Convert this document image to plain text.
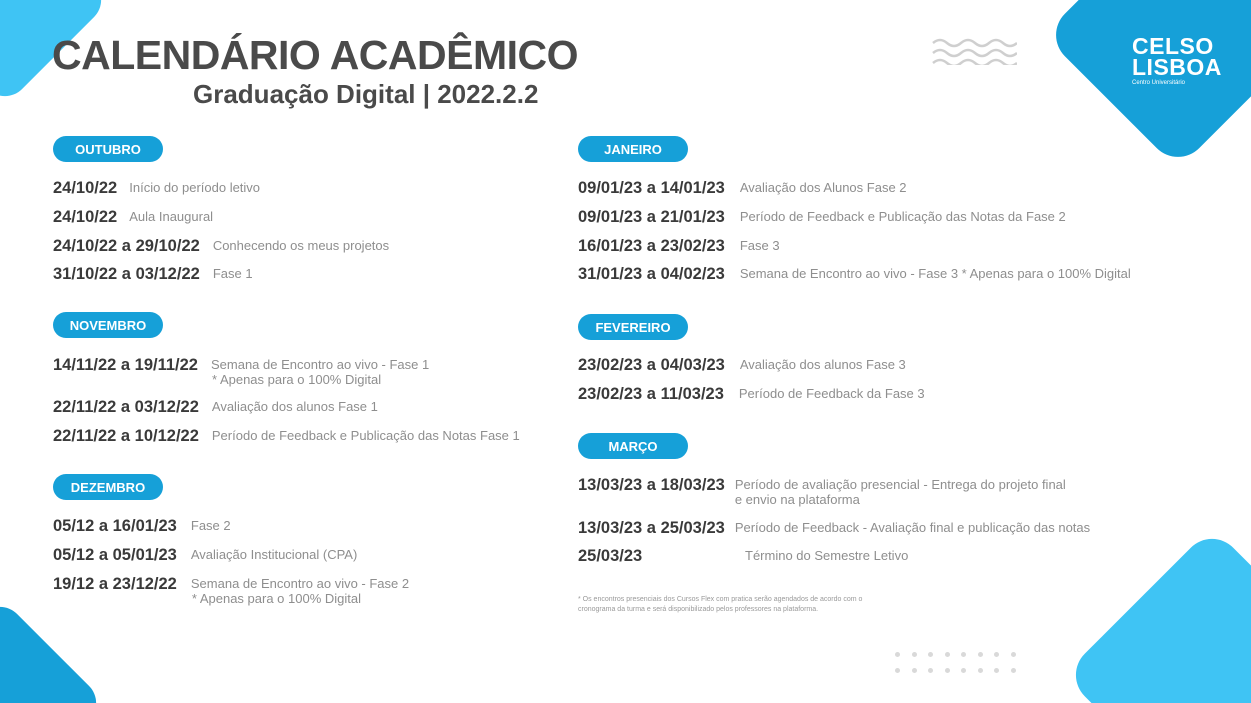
CELSO
LISBOA
Centro Universitário
CALENDÁRIO ACADÊMICO
Graduação Digital | 2022.2.2
OUTUBRO
24/10/22 Início do período letivo
24/10/22 Aula Inaugural
24/10/22 a 29/10/22 Conhecendo os meus projetos
31/10/22 a 03/12/22 Fase 1
NOVEMBRO
14/11/22 a 19/11/22 Semana de Encontro ao vivo - Fase 1
* Apenas para o 100% Digital
22/11/22 a 03/12/22 Avaliação dos alunos Fase 1
22/11/22 a 10/12/22 Período de Feedback e Publicação das Notas Fase 1
DEZEMBRO
05/12 a 16/01/23 Fase 2
05/12 a 05/01/23 Avaliação Institucional (CPA)
19/12 a 23/12/22 Semana de Encontro ao vivo - Fase 2
* Apenas para o 100% Digital
JANEIRO
09/01/23 a 14/01/23 Avaliação dos Alunos Fase 2
09/01/23 a 21/01/23 Período de Feedback e Publicação das Notas da Fase 2
16/01/23 a 23/02/23 Fase 3
31/01/23 a 04/02/23 Semana de Encontro ao vivo - Fase 3 * Apenas para o 100% Digital
FEVEREIRO
23/02/23 a 04/03/23 Avaliação dos alunos Fase 3
23/02/23 a 11/03/23 Período de Feedback da Fase 3
MARÇO
13/03/23 a 18/03/23 Período de avaliação presencial - Entrega do projeto final
e envio na plataforma
13/03/23 a 25/03/23 Período de Feedback - Avaliação final e publicação das notas
25/03/23	Término do Semestre Letivo
* Os encontros presenciais dos Cursos Flex com pratica serão agendados de acordo com o
cronograma da turma e será disponibilizado pelos professores na plataforma.
